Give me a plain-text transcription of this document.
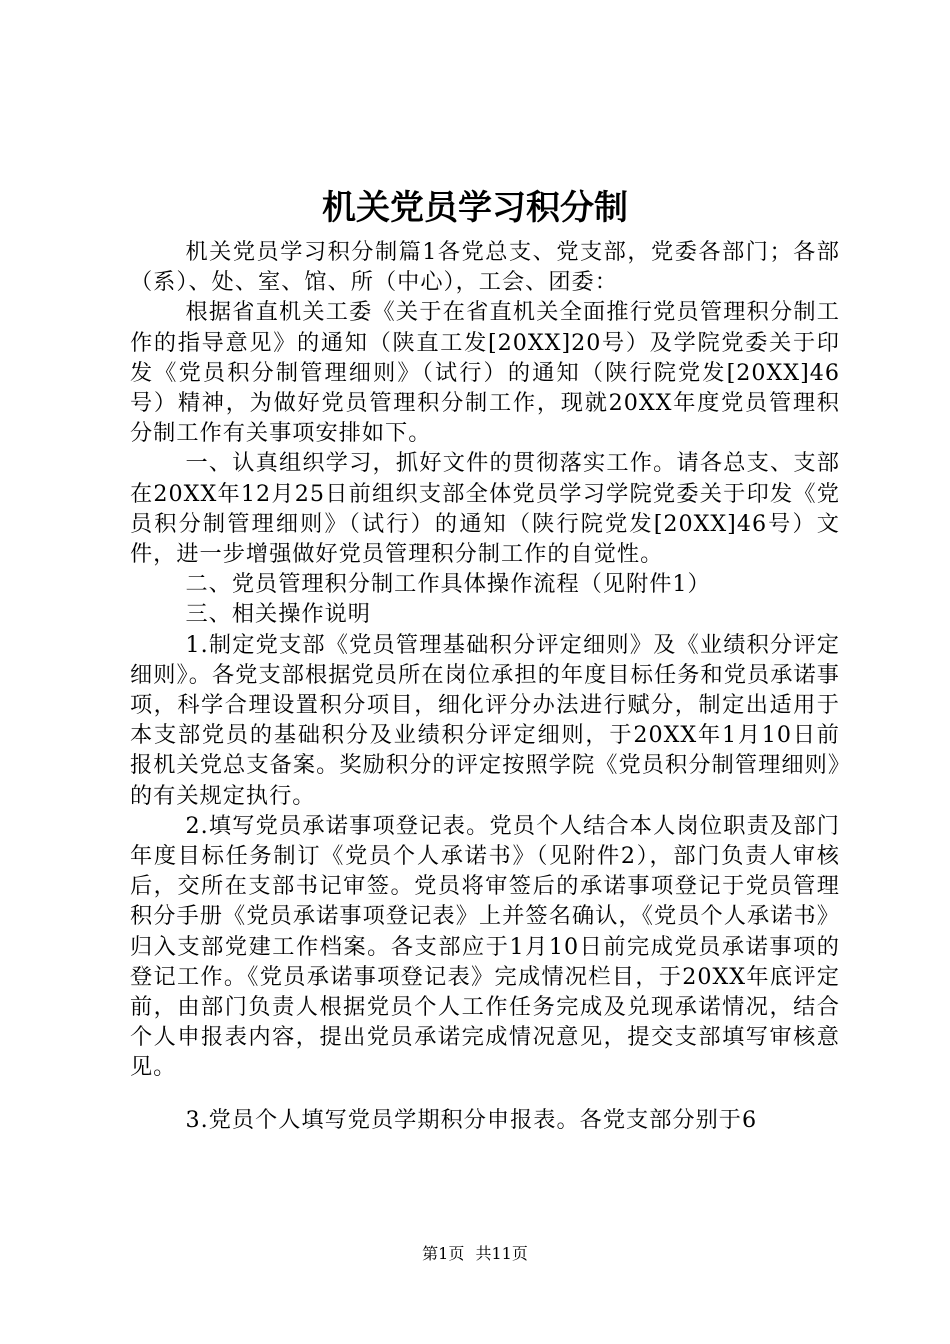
机关党员学习积分制

机关党员学习积分制篇1各党总支、党支部，党委各部门；各部（系）、处、室、馆、所（中心），工会、团委：

根据省直机关工委《关于在省直机关全面推行党员管理积分制工作的指导意见》的通知（陕直工发[20XX]20号）及学院党委关于印发《党员积分制管理细则》（试行）的通知（陕行院党发[20XX]46号）精神，为做好党员管理积分制工作，现就20XX年度党员管理积分制工作有关事项安排如下。

一、认真组织学习，抓好文件的贯彻落实工作。请各总支、支部在20XX年12月25日前组织支部全体党员学习学院党委关于印发《党员积分制管理细则》（试行）的通知（陕行院党发[20XX]46号）文件，进一步增强做好党员管理积分制工作的自觉性。

二、党员管理积分制工作具体操作流程（见附件1）

三、相关操作说明

1.制定党支部《党员管理基础积分评定细则》及《业绩积分评定细则》。各党支部根据党员所在岗位承担的年度目标任务和党员承诺事项，科学合理设置积分项目，细化评分办法进行赋分，制定出适用于本支部党员的基础积分及业绩积分评定细则，于20XX年1月10日前报机关党总支备案。奖励积分的评定按照学院《党员积分制管理细则》的有关规定执行。

2.填写党员承诺事项登记表。党员个人结合本人岗位职责及部门年度目标任务制订《党员个人承诺书》（见附件2），部门负责人审核后，交所在支部书记审签。党员将审签后的承诺事项登记于党员管理积分手册《党员承诺事项登记表》上并签名确认，《党员个人承诺书》归入支部党建工作档案。各支部应于1月10日前完成党员承诺事项的登记工作。《党员承诺事项登记表》完成情况栏目，于20XX年底评定前，由部门负责人根据党员个人工作任务完成及兑现承诺情况，结合个人申报表内容，提出党员承诺完成情况意见，提交支部填写审核意见。

3.党员个人填写党员学期积分申报表。各党支部分别于6

第1页 共11页
